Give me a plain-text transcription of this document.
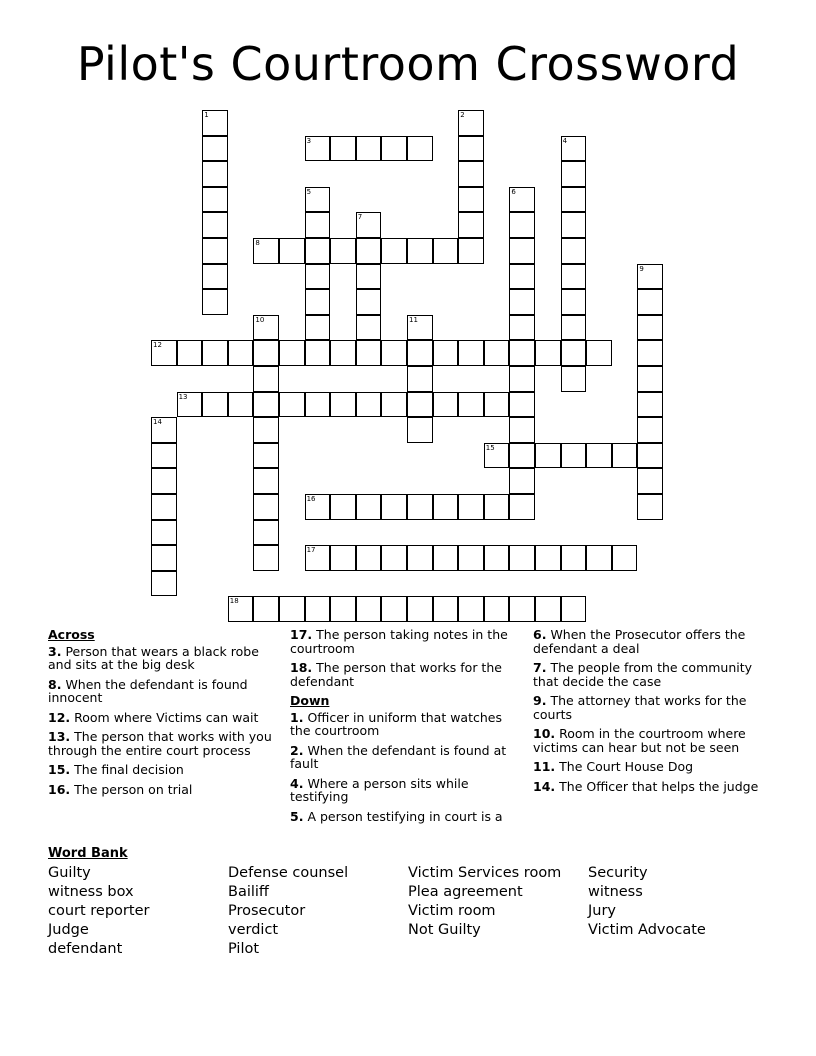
Pilot's Courtroom Crossword
1	2
3	4
5	6
7
8
9
10	11
12
13
14
15
16
17
18
Across
3. Person that wears a black robe and sits at the big desk
8. When the defendant is found innocent
12. Room where Victims can wait
13. The person that works with you through the entire court process
15. The final decision
16. The person on trial
17. The person taking notes in the courtroom
18. The person that works for the defendant
Down
1. Officer in uniform that watches the courtroom
2. When the defendant is found at fault
4. Where a person sits while testifying
5. A person testifying in court is a
6. When the Prosecutor offers the defendant a deal
7. The people from the community that decide the case
9. The attorney that works for the courts
10. Room in the courtroom where victims can hear but not be seen
11. The Court House Dog
14. The Officer that helps the judge
Word Bank
Guilty
witness box
court reporter
Judge
defendant
Defense counsel
Bailiff
Prosecutor
verdict
Pilot
Victim Services room
Plea agreement
Victim room
Not Guilty
Security
witness
Jury
Victim Advocate
